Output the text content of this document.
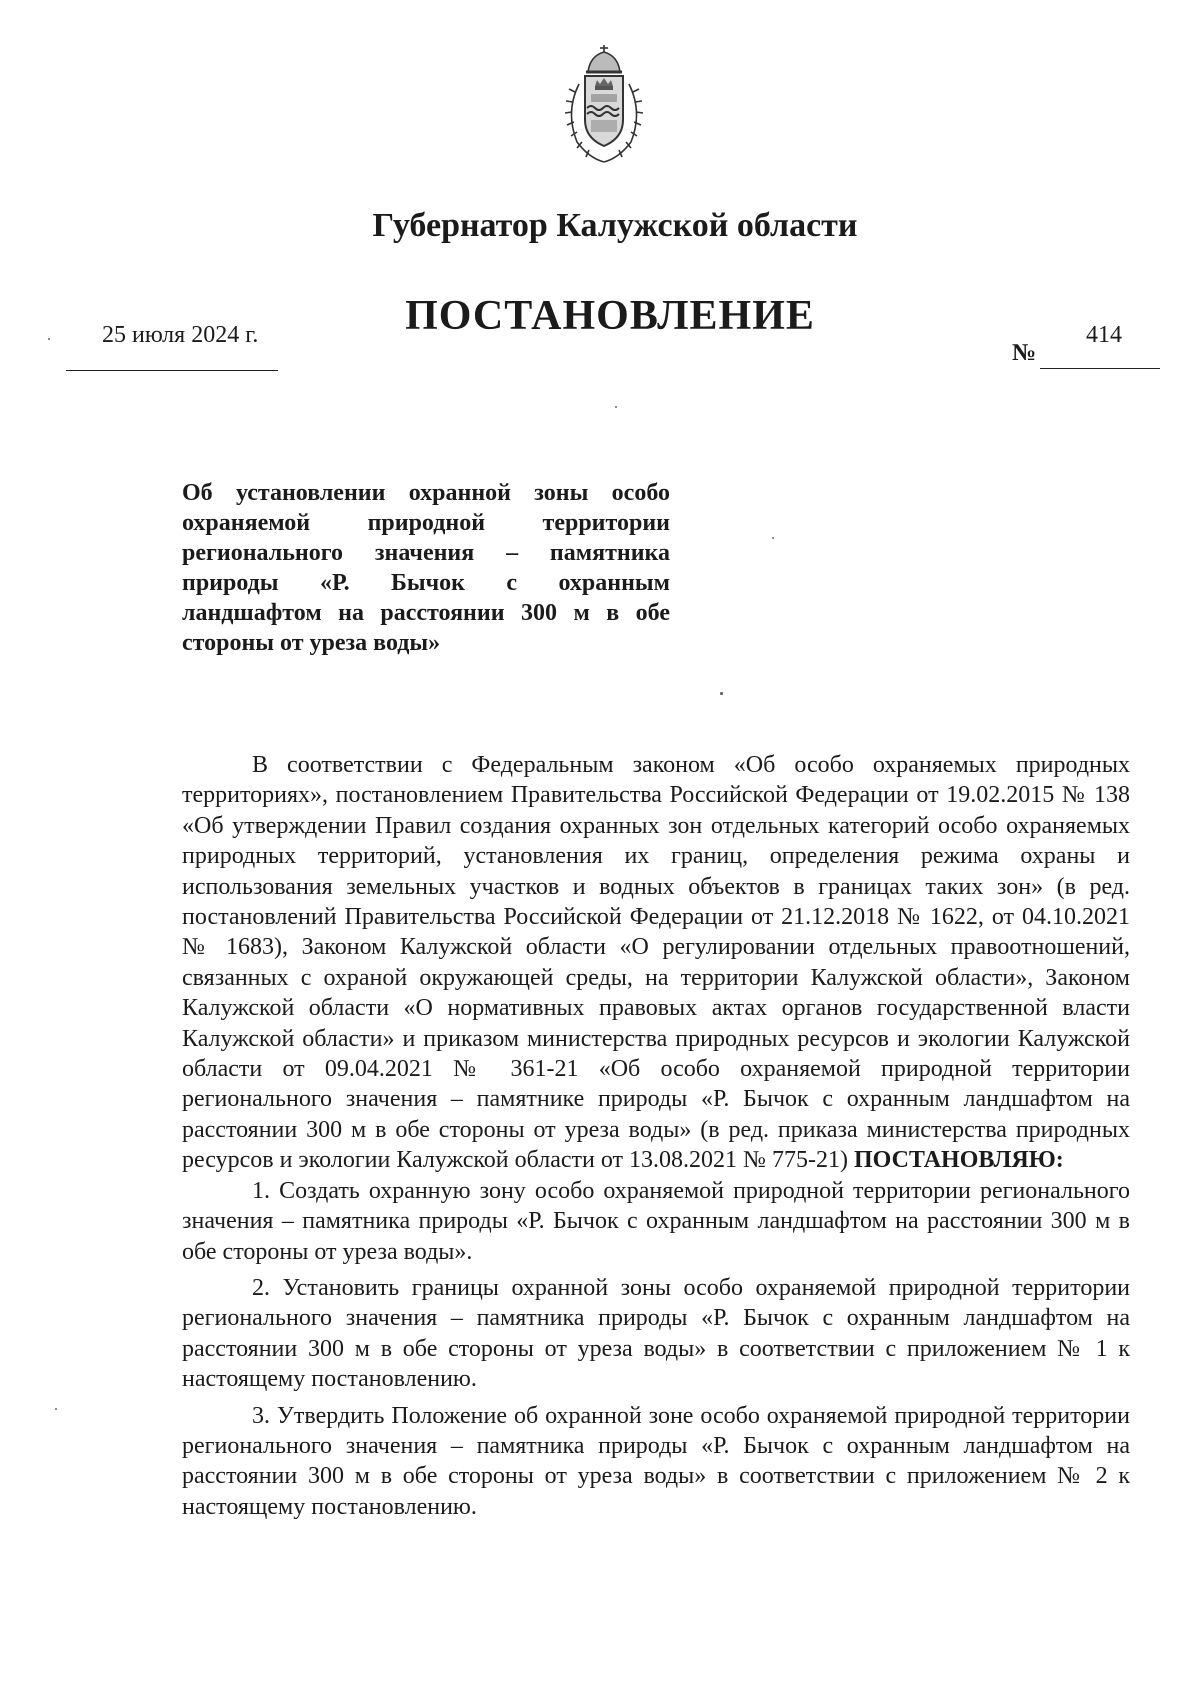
Губернатор Калужской области
ПОСТАНОВЛЕНИЕ
25 июля 2024 г.
№
414

Об установлении охранной зоны особо охраняемой природной территории регионального значения – памятника природы «Р. Бычок с охранным ландшафтом на расстоянии 300 м в обе стороны от уреза воды»

В соответствии с Федеральным законом «Об особо охраняемых природных территориях», постановлением Правительства Российской Федерации от 19.02.2015 № 138 «Об утверждении Правил создания охранных зон отдельных категорий особо охраняемых природных территорий, установления их границ, определения режима охраны и использования земельных участков и водных объектов в границах таких зон» (в ред. постановлений Правительства Российской Федерации от 21.12.2018 № 1622, от 04.10.2021 № 1683), Законом Калужской области «О регулировании отдельных правоотношений, связанных с охраной окружающей среды, на территории Калужской области», Законом Калужской области «О нормативных правовых актах органов государственной власти Калужской области» и приказом министерства природных ресурсов и экологии Калужской области от 09.04.2021 № 361-21 «Об особо охраняемой природной территории регионального значения – памятнике природы «Р. Бычок с охранным ландшафтом на расстоянии 300 м в обе стороны от уреза воды» (в ред. приказа министерства природных ресурсов и экологии Калужской области от 13.08.2021 № 775-21) ПОСТАНОВЛЯЮ:

1. Создать охранную зону особо охраняемой природной территории регионального значения – памятника природы «Р. Бычок с охранным ландшафтом на расстоянии 300 м в обе стороны от уреза воды».

2. Установить границы охранной зоны особо охраняемой природной территории регионального значения – памятника природы «Р. Бычок с охранным ландшафтом на расстоянии 300 м в обе стороны от уреза воды» в соответствии с приложением № 1 к настоящему постановлению.

3. Утвердить Положение об охранной зоне особо охраняемой природной территории регионального значения – памятника природы «Р. Бычок с охранным ландшафтом на расстоянии 300 м в обе стороны от уреза воды» в соответствии с приложением № 2 к настоящему постановлению.
